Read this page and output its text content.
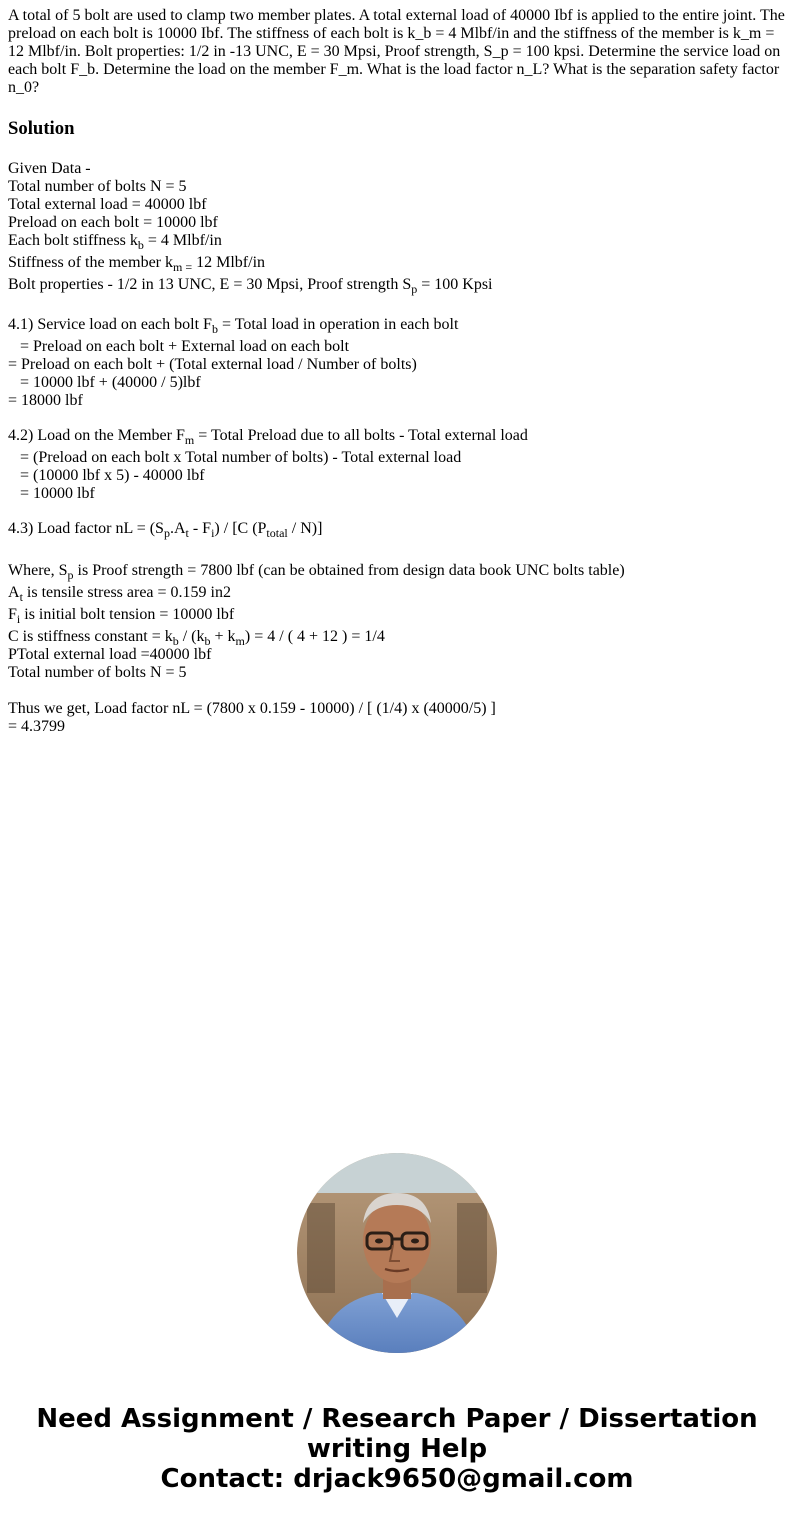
A total of 5 bolt are used to clamp two member plates. A total external load of 40000 Ibf is applied to the entire joint. The preload on each bolt is 10000 Ibf. The stiffness of each bolt is k_b = 4 Mlbf/in and the stiffness of the member is k_m = 12 Mlbf/in. Bolt properties: 1/2 in -13 UNC, E = 30 Mpsi, Proof strength, S_p = 100 kpsi. Determine the service load on each bolt F_b. Determine the load on the member F_m. What is the load factor n_L? What is the separation safety factor n_0?

Solution
Given Data -
Total number of bolts N = 5
Total external load = 40000 lbf
Preload on each bolt = 10000 lbf
Each bolt stiffness $k_b = 4$ Mlbf/in
Stiffness of the member $k_{m =}$ 12 Mlbf/in
Bolt properties - 1/2 in 13 UNC, E = 30 Mpsi, Proof strength $S_p = 100$ Kpsi
4.1) Service load on each bolt $F_b$ = Total load in operation in each bolt
= Preload on each bolt + External load on each bolt
= Preload on each bolt + (Total external load / Number of bolts)
= 10000 lbf + (40000 / 5)lbf
= 18000 lbf
4.2) Load on the Member $F_m$ = Total Preload due to all bolts - Total external load
= (Preload on each bolt x Total number of bolts) - Total external load
= (10000 lbf x 5) - 40000 lbf
= 10000 lbf
4.3) Load factor nL = $(S_p.A_t - F_i) / [C$ $(P_{total} / N)$]
Where, $S_p$ is Proof strength = 7800 lbf (can be obtained from design data book UNC bolts table)
$A_t$ is tensile stress area = 0.159 in2
$F_i$ is initial bolt tension = 10000 lbf
C is stiffness constant = $k_b / (k_b + k_m) = 4$ / ( 4 + 12 ) = 1/4
PTotal external load =40000 lbf
Total number of bolts N = 5
Thus we get, Load factor nL = (7800 x 0.159 - 10000) / [ (1/4) x (40000/5) ]
= 4.3799
Need Assignment / Research Paper / Dissertation
writing Help
Contact: drjack9650@gmail.com
